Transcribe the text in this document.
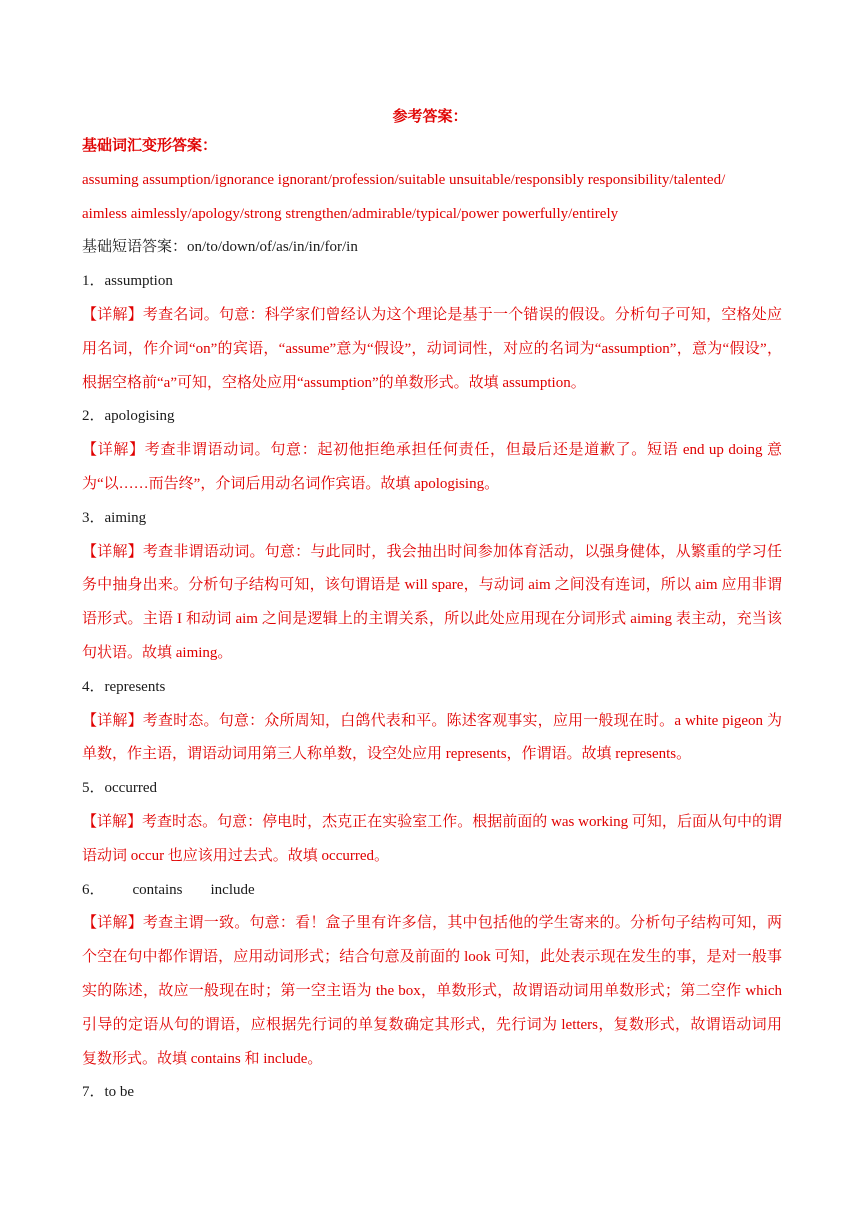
参考答案：
基础词汇变形答案：
assuming assumption/ignorance ignorant/profession/suitable unsuitable/responsibly responsibility/talented/
aimless aimlessly/apology/strong strengthen/admirable/typical/power powerfully/entirely
基础短语答案：on/to/down/of/as/in/in/for/in
1．assumption
【详解】考查名词。句意：科学家们曾经认为这个理论是基于一个错误的假设。分析句子可知，空格处应用名词，作介词“on”的宾语，“assume”意为“假设”，动词词性，对应的名词为“assumption”，意为“假设”，根据空格前“a”可知，空格处应用“assumption”的单数形式。故填 assumption。
2．apologising
【详解】考查非谓语动词。句意：起初他拒绝承担任何责任，但最后还是道歉了。短语 end up doing 意为“以……而告终”，介词后用动名词作宾语。故填 apologising。
3．aiming
【详解】考查非谓语动词。句意：与此同时，我会抽出时间参加体育活动，以强身健体，从繁重的学习任务中抽身出来。分析句子结构可知，该句谓语是 will spare，与动词 aim 之间没有连词，所以 aim 应用非谓语形式。主语 I 和动词 aim 之间是逻辑上的主谓关系，所以此处应用现在分词形式 aiming 表主动，充当该句状语。故填 aiming。
4．represents
【详解】考查时态。句意：众所周知，白鸽代表和平。陈述客观事实，应用一般现在时。a white pigeon 为单数，作主语，谓语动词用第三人称单数，设空处应用 represents，作谓语。故填 represents。
5．occurred
【详解】考查时态。句意：停电时，杰克正在实验室工作。根据前面的 was working 可知，后面从句中的谓语动词 occur 也应该用过去式。故填 occurred。
6． contains include
【详解】考查主谓一致。句意：看！盒子里有许多信，其中包括他的学生寄来的。分析句子结构可知，两个空在句中都作谓语，应用动词形式；结合句意及前面的 look 可知，此处表示现在发生的事，是对一般事实的陈述，故应一般现在时；第一空主语为 the box，单数形式，故谓语动词用单数形式；第二空作 which 引导的定语从句的谓语，应根据先行词的单复数确定其形式，先行词为 letters，复数形式，故谓语动词用复数形式。故填 contains 和 include。
7．to be
